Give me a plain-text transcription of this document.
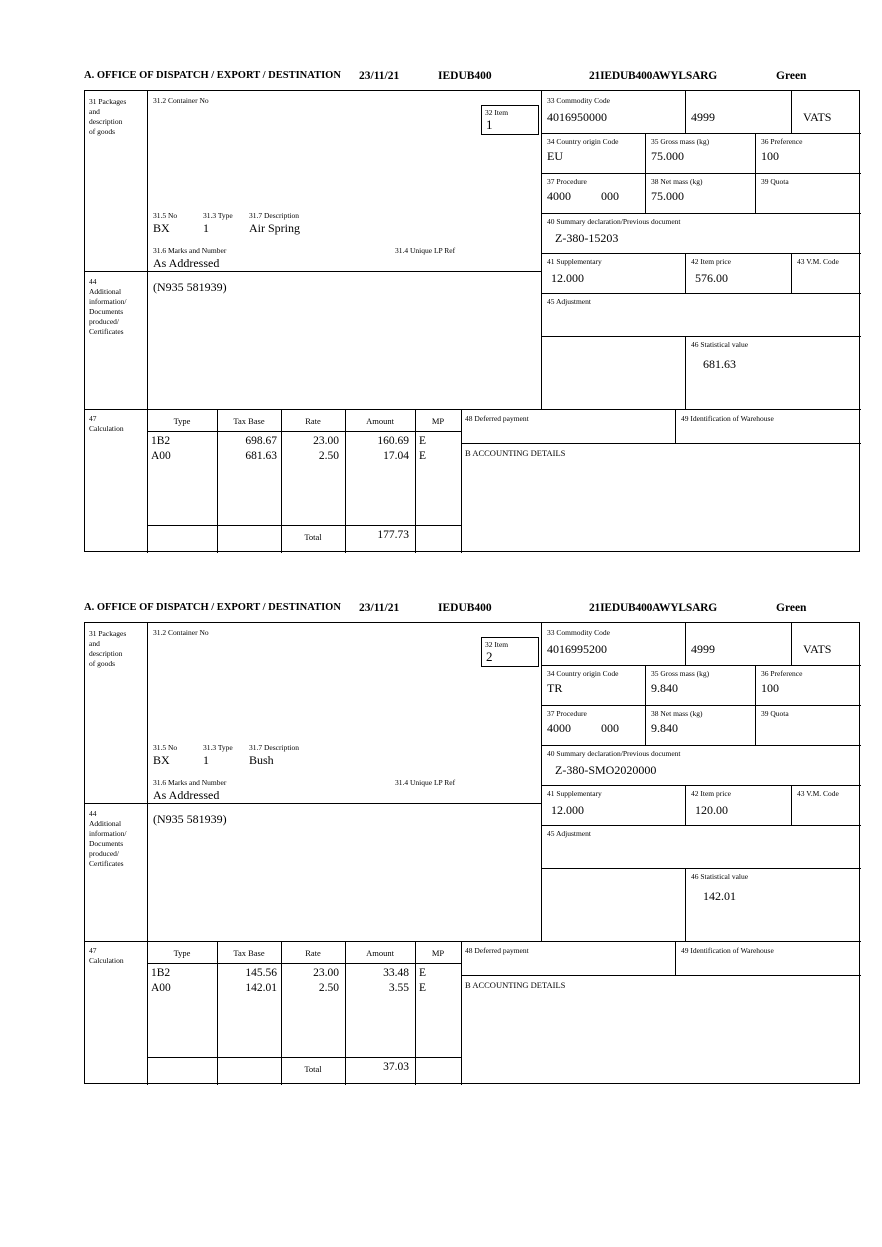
A. OFFICE OF DISPATCH / EXPORT / DESTINATION 23/11/21	IEDUB400	21IEDUB400AWYLSARG	Green
31 Packages
and
description
of goods
31.2 Container No
32 Item
1
31.5 No
BX
31.3 Type
1
31.7 Description
Air Spring
31.6 Marks and Number
As Addressed
31.4 Unique LP Ref
44
Additional
information/
Documents
produced/
Certificates
(N935 581939)
33 Commodity Code
4016950000	4999	VATS
34 Country origin Code
EU
35 Gross mass (kg)
75.000
36 Preference
100
37 Procedure
4000	000
38 Net mass (kg)
75.000
39 Quota
40 Summary declaration/Previous document
Z-380-15203
41 Supplementary
12.000
42 Item price
576.00
43 V.M. Code
45 Adjustment
46 Statistical value
681.63
47
Calculation
Type	Tax Base	Rate	Amount	MP
1B2	698.67	23.00	160.69 E
A00	681.63	2.50	17.04 E
Total	177.73
48 Deferred payment	49 Identification of Warehouse
B ACCOUNTING DETAILS
A. OFFICE OF DISPATCH / EXPORT / DESTINATION 23/11/21	IEDUB400	21IEDUB400AWYLSARG	Green
31 Packages
and
description
of goods
31.2 Container No
32 Item
2
31.5 No
BX
31.3 Type
1
31.7 Description
Bush
31.6 Marks and Number
As Addressed
31.4 Unique LP Ref
44
Additional
information/
Documents
produced/
Certificates
(N935 581939)
33 Commodity Code
4016995200	4999	VATS
34 Country origin Code
TR
35 Gross mass (kg)
9.840
36 Preference
100
37 Procedure
4000	000
38 Net mass (kg)
9.840
39 Quota
40 Summary declaration/Previous document
Z-380-SMO2020000
41 Supplementary
12.000
42 Item price
120.00
43 V.M. Code
45 Adjustment
46 Statistical value
142.01
47
Calculation
Type	Tax Base	Rate	Amount	MP
1B2	145.56	23.00	33.48 E
A00	142.01	2.50	3.55 E
Total	37.03
48 Deferred payment	49 Identification of Warehouse
B ACCOUNTING DETAILS
